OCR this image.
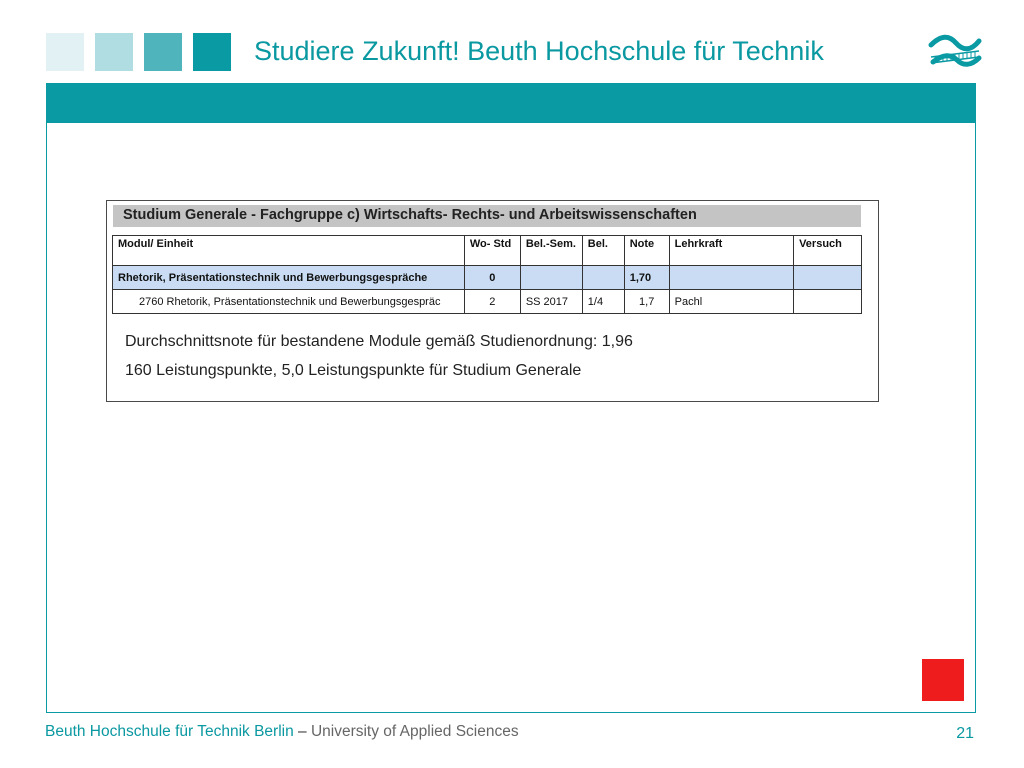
Studiere Zukunft! Beuth Hochschule für Technik
Studium Generale - Fachgruppe c) Wirtschafts- Rechts- und Arbeitswissenschaften
Modul/ Einheit	Wo- Std	Bel.-Sem.	Bel.	Note	Lehrkraft	Versuch
Rhetorik, Präsentationstechnik und Bewerbungsgespräche	0			1,70		
2760 Rhetorik, Präsentationstechnik und Bewerbungsgespräc	2	SS 2017	1/4	1,7	Pachl	
Durchschnittsnote für bestandene Module gemäß Studienordnung: 1,96
160 Leistungspunkte, 5,0 Leistungspunkte für Studium Generale
Beuth Hochschule für Technik Berlin – University of Applied Sciences	21
